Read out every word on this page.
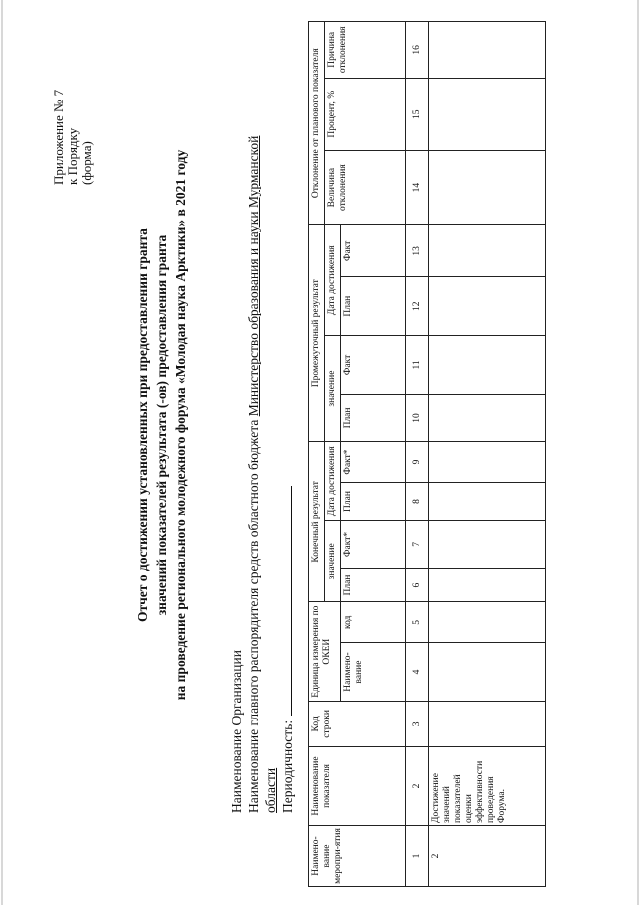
Приложение № 7 к Порядку (форма)
Отчет о достижении установленных при предоставлении гранта значений показателей результата (-ов) предоставления гранта на проведение регионального молодежного форума «Молодая наука Арктики» в 2021 году
Наименование Организации Наименование главного распорядителя средств областного бюджета Министерство образования и науки Мурманской
области Периодичность:
Наимено-вание меропри-ятия	Наименование показателя	Код строки	Единица измерения по ОКЕИ		Конечный результат				Промежуточный результат				Отклонение от планового показателя		
					значение		Дата достижения		значение		Дата достижения		Величина отклонения	Процент, %	Причина отклонения
			Наимено-вание	код	План	Факт*	План	Факт*	План	Факт	План	Факт			
1	2	3	4	5	6	7	8	9	10	11	12	13	14	15	16
2	Достижение значений показателей оценки эффективности проведения Форума.														
